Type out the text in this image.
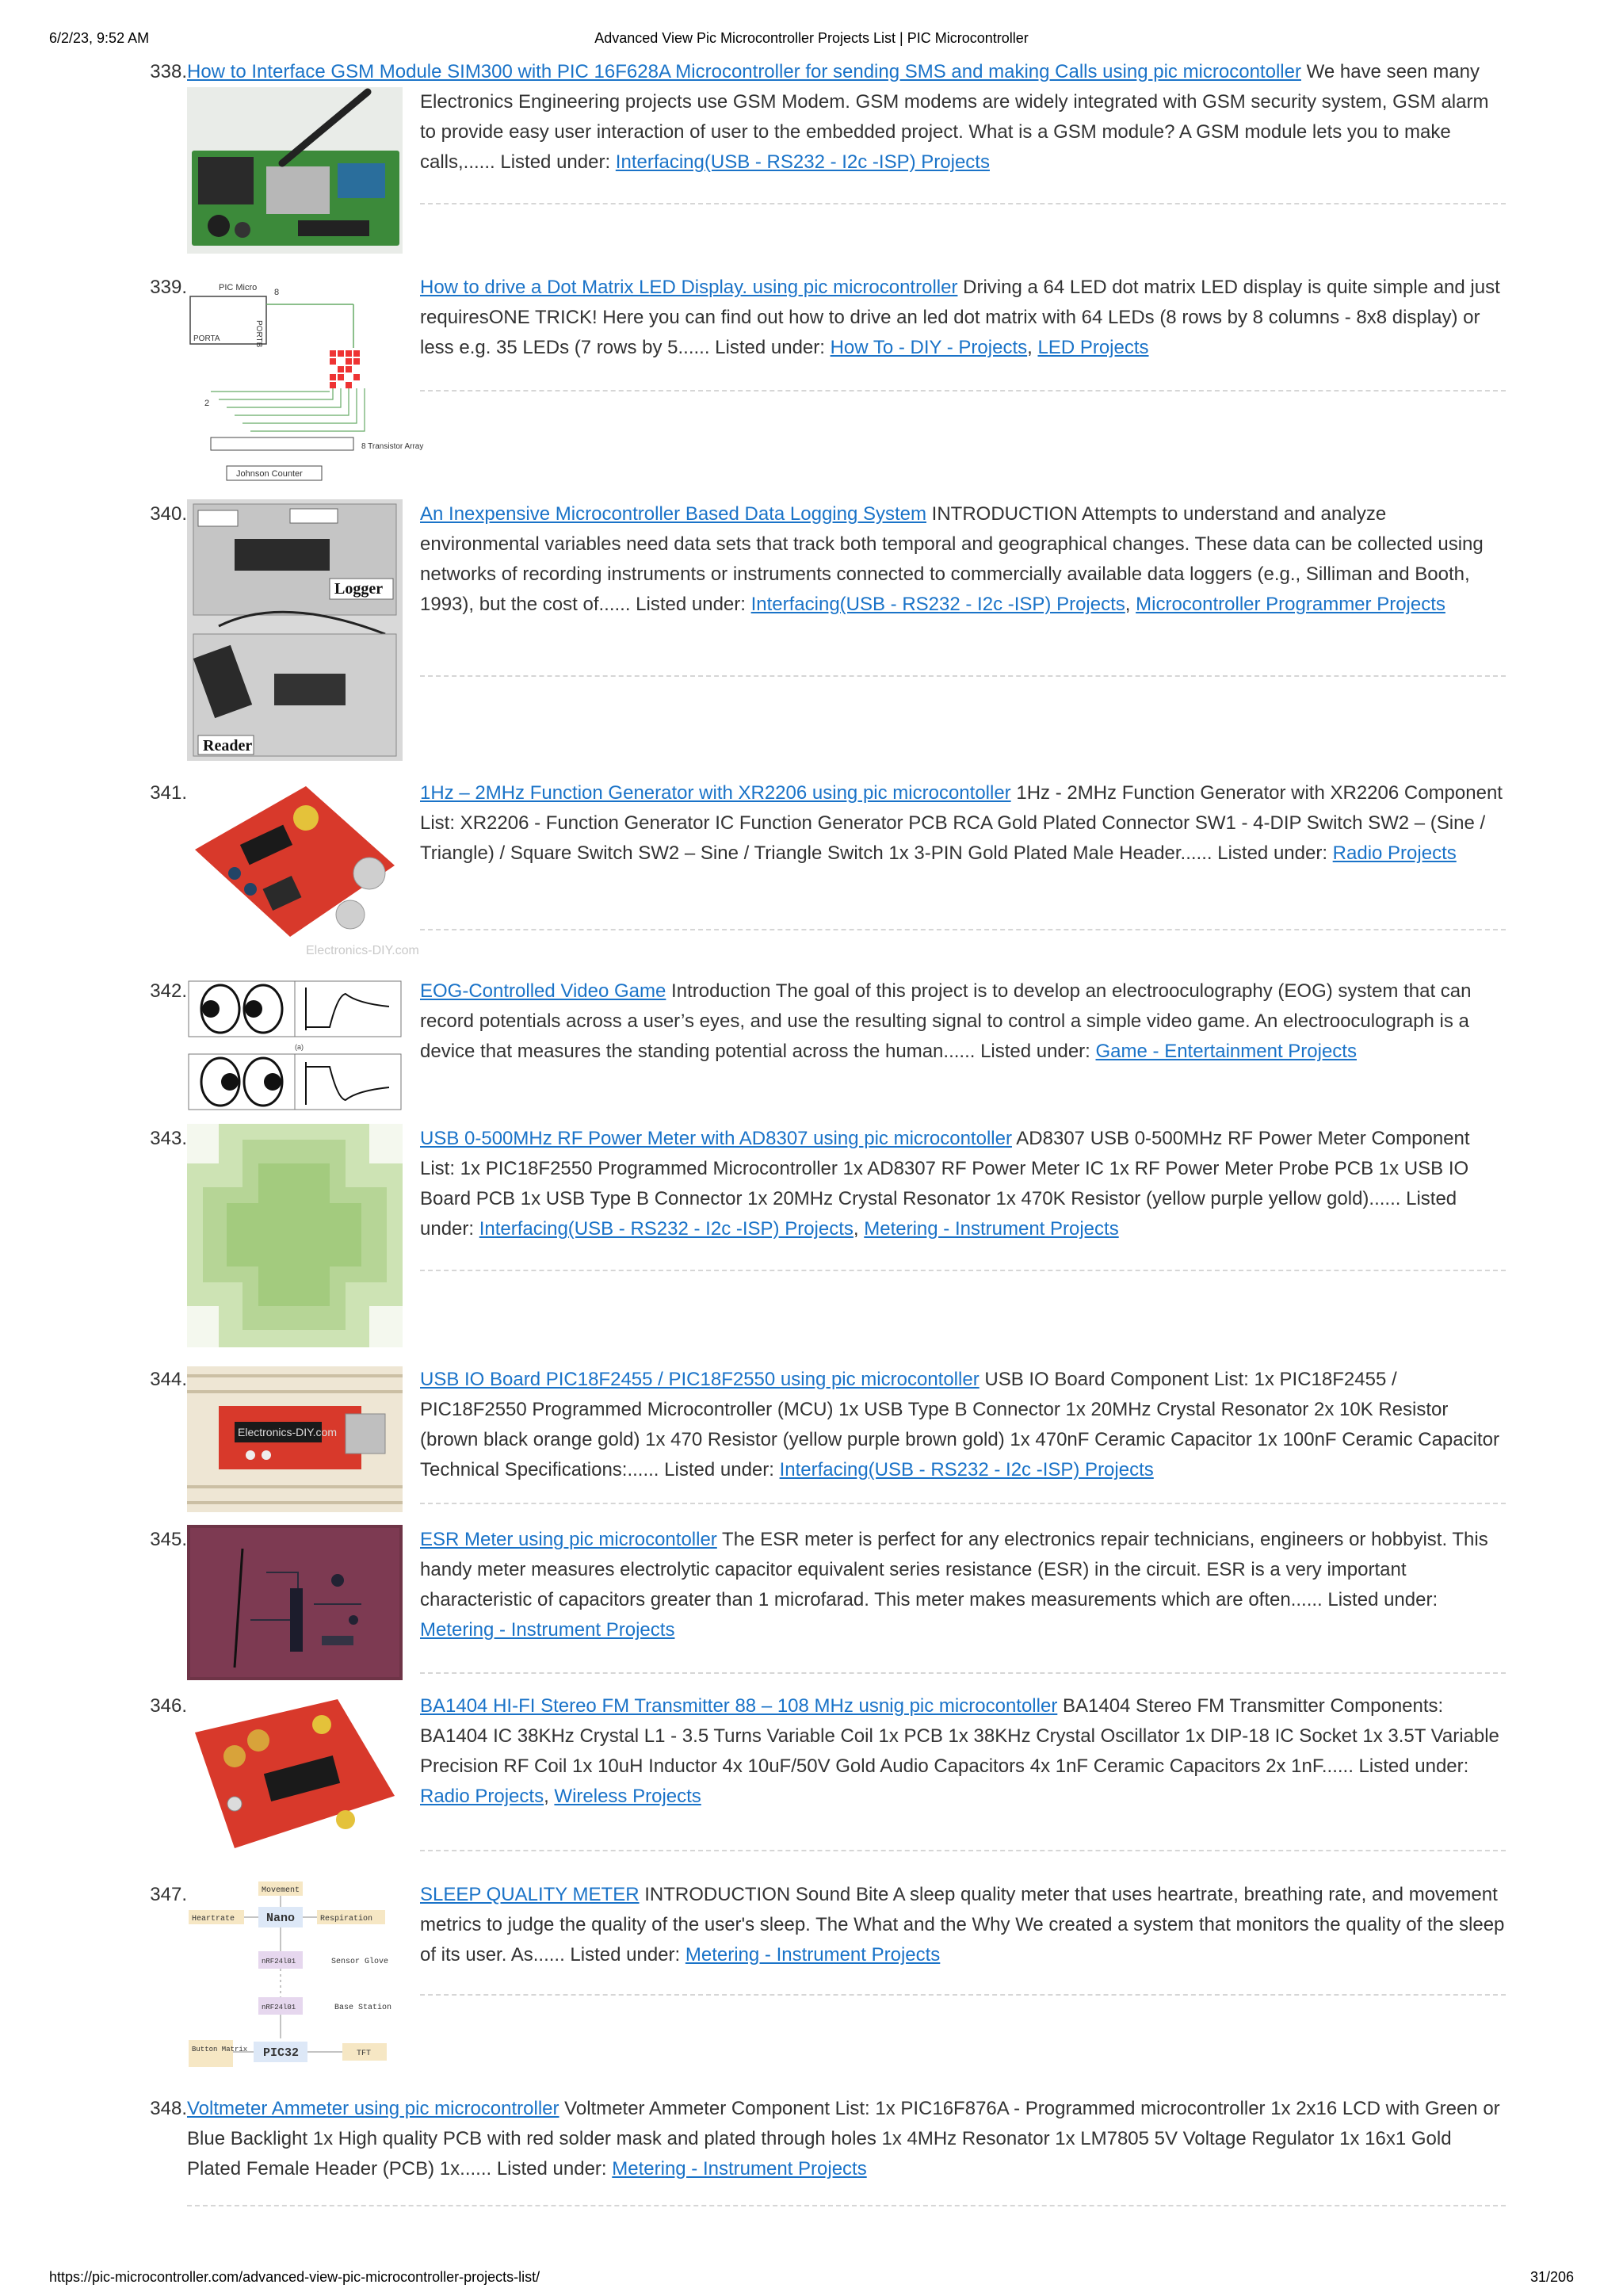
6/2/23, 9:52 AM	Advanced View Pic Microcontroller Projects List | PIC Microcontroller
338.
Electronics Engineering projects use GSM Modem. GSM modems are widely integrated with GSM security system, GSM alarm to provide easy user interaction of user to the embedded project. What is a GSM module? A GSM module lets you to make calls,...... Listed under: Interfacing(USB - RS232 - I2c -ISP) Projects
How to Interface GSM Module SIM300 with PIC 16F628A Microcontroller for sending SMS and making Calls using pic microcontoller We have seen many
339.	PIC Micro
PORTA	PORTB
8
2
8 Transistor Array
Johnson Counter
How to drive a Dot Matrix LED Display. using pic microcontroller Driving a 64 LED dot matrix LED display is quite simple and just requiresONE TRICK! Here you can find out how to drive an led dot matrix with 64 LEDs (8 rows by 8 columns - 8x8 display) or less e.g. 35 LEDs (7 rows by 5...... Listed under: How To - DIY - Projects, LED Projects
340.
Logger
Reader
An Inexpensive Microcontroller Based Data Logging System INTRODUCTION Attempts to understand and analyze environmental variables need data sets that track both temporal and geographical changes. These data can be collected using networks of recording instruments or instruments connected to commercially available data loggers (e.g., Silliman and Booth, 1993), but the cost of...... Listed under: Interfacing(USB - RS232 - I2c -ISP) Projects, Microcontroller Programmer Projects
341.
Electronics-DIY.com
1Hz – 2MHz Function Generator with XR2206 using pic microcontoller 1Hz - 2MHz Function Generator with XR2206 Component List: XR2206 - Function Generator IC Function Generator PCB RCA Gold Plated Connector SW1 - 4-DIP Switch SW2 – (Sine / Triangle) / Square Switch SW2 – Sine / Triangle Switch 1x 3-PIN Gold Plated Male Header...... Listed under: Radio Projects
342.
(a)
EOG-Controlled Video Game Introduction The goal of this project is to develop an electrooculography (EOG) system that can record potentials across a user’s eyes, and use the resulting signal to control a simple video game. An electrooculograph is a device that measures the standing potential across the human...... Listed under: Game - Entertainment Projects
343.	USB 0-500MHz RF Power Meter with AD8307 using pic microcontoller AD8307 USB 0-500MHz RF Power Meter Component List: 1x PIC18F2550 Programmed Microcontroller 1x AD8307 RF Power Meter IC 1x RF Power Meter Probe PCB 1x USB IO Board PCB 1x USB Type B Connector 1x 20MHz Crystal Resonator 1x 470K Resistor (yellow purple yellow gold)...... Listed under: Interfacing(USB - RS232 - I2c -ISP) Projects, Metering - Instrument Projects
344.
Electronics-DIY.com
USB IO Board PIC18F2455 / PIC18F2550 using pic microcontoller USB IO Board Component List: 1x PIC18F2455 / PIC18F2550 Programmed Microcontroller (MCU) 1x USB Type B Connector 1x 20MHz Crystal Resonator 2x 10K Resistor (brown black orange gold) 1x 470 Resistor (yellow purple brown gold) 1x 470nF Ceramic Capacitor 1x 100nF Ceramic Capacitor Technical Specifications:...... Listed under: Interfacing(USB - RS232 - I2c -ISP) Projects
345.	ESR Meter using pic microcontoller The ESR meter is perfect for any electronics repair technicians, engineers or hobbyist. This handy meter measures electrolytic capacitor equivalent series resistance (ESR) in the circuit. ESR is a very important characteristic of capacitors greater than 1 microfarad. This meter makes measurements which are often...... Listed under: Metering - Instrument Projects
346.	BA1404 HI-FI Stereo FM Transmitter 88 – 108 MHz usnig pic microcontoller BA1404 Stereo FM Transmitter Components: BA1404 IC 38KHz Crystal L1 - 3.5 Turns Variable Coil 1x PCB 1x 38KHz Crystal Oscillator 1x DIP-18 IC Socket 1x 3.5T Variable Precision RF Coil 1x 10uH Inductor 4x 10uF/50V Gold Audio Capacitors 4x 1nF Ceramic Capacitors 2x 1nF...... Listed under: Radio Projects, Wireless Projects
347.	Movement
Heartrate	Nano	Respiration
nRF24l01	Sensor Glove
nRF24l01	Base Station
Button Matrix PIC32	TFT
SLEEP QUALITY METER INTRODUCTION Sound Bite A sleep quality meter that uses heartrate, breathing rate, and movement metrics to judge the quality of the user's sleep. The What and the Why We created a system that monitors the quality of the sleep of its user. As...... Listed under: Metering - Instrument Projects
348. Voltmeter Ammeter using pic microcontroller Voltmeter Ammeter Component List: 1x PIC16F876A - Programmed microcontroller 1x 2x16 LCD with Green or Blue Backlight 1x High quality PCB with red solder mask and plated through holes 1x 4MHz Resonator 1x LM7805 5V Voltage Regulator 1x 16x1 Gold Plated Female Header (PCB) 1x...... Listed under: Metering - Instrument Projects
https://pic-microcontroller.com/advanced-view-pic-microcontroller-projects-list/	31/206
